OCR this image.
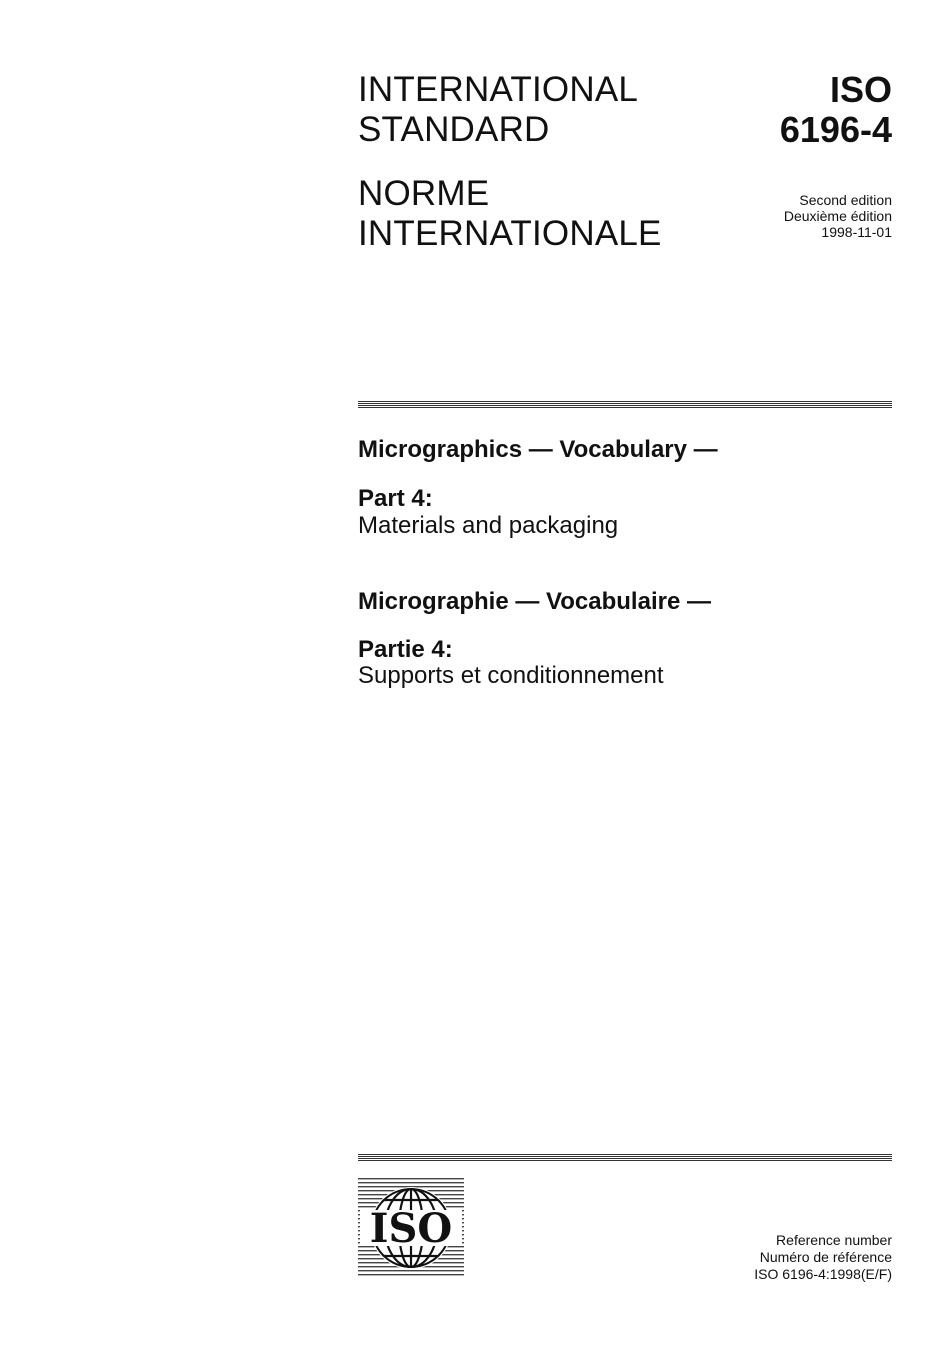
INTERNATIONAL
STANDARD
NORME
INTERNATIONALE
ISO
6196-4
Second edition
Deuxième édition
1998-11-01
Micrographics — Vocabulary —
Part 4:
Materials and packaging
Micrographie — Vocabulaire —
Partie 4:
Supports et conditionnement
ISO	Reference number
Numéro de référence
ISO 6196-4:1998(E/F)
